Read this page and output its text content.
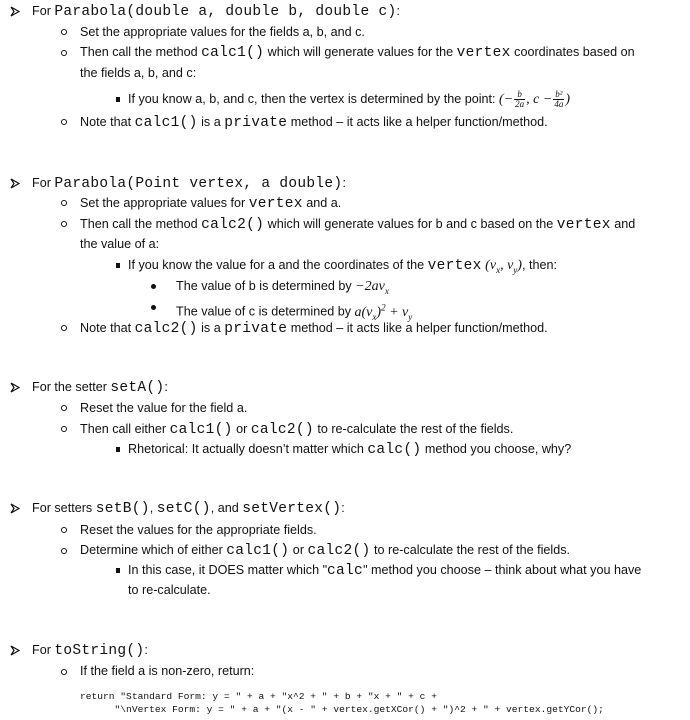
For Parabola(double a, double b, double c):
Set the appropriate values for the fields a, b, and c.
Then call the method calc1() which will generate values for the vertex coordinates based on
the fields a, b, and c:
If you know a, b, and c, then the vertex is determined by the point: (− $\frac{b}{2a}$ , $c - \frac{\text{b²}}{4a}$ )
Note that calc1() is a private method – it acts like a helper function/method.
For Parabola(Point vertex, a double):
Set the appropriate values for vertex and a.
Then call the method calc2() which will generate values for b and c based on the vertex and
the value of a:
If you know the value for a and the coordinates of the vertex ($v_x$, $v_y$), then:
The value of b is determined by $-2av_x$
The value of c is determined by $a(v_x)^2 + v_y$
Note that calc2() is a private method – it acts like a helper function/method.
For the setter setA():
Reset the value for the field a.
Then call either calc1() or calc2() to re-calculate the rest of the fields.
Rhetorical: It actually doesn’t matter which calc() method you choose, why?
For setters setB(), setC(), and setVertex():
Reset the values for the appropriate fields.
Determine which of either calc1() or calc2() to re-calculate the rest of the fields.
In this case, it DOES matter which "calc" method you choose – think about what you have
to re-calculate.
For toString():
If the field a is non-zero, return:
return "Standard Form: y = " + a + "x^2 + " + b + "x + " + c +
"\nVertex Form: y = " + a + "(x - " + vertex.getXCor() + ")^2 + " + vertex.getYCor();
